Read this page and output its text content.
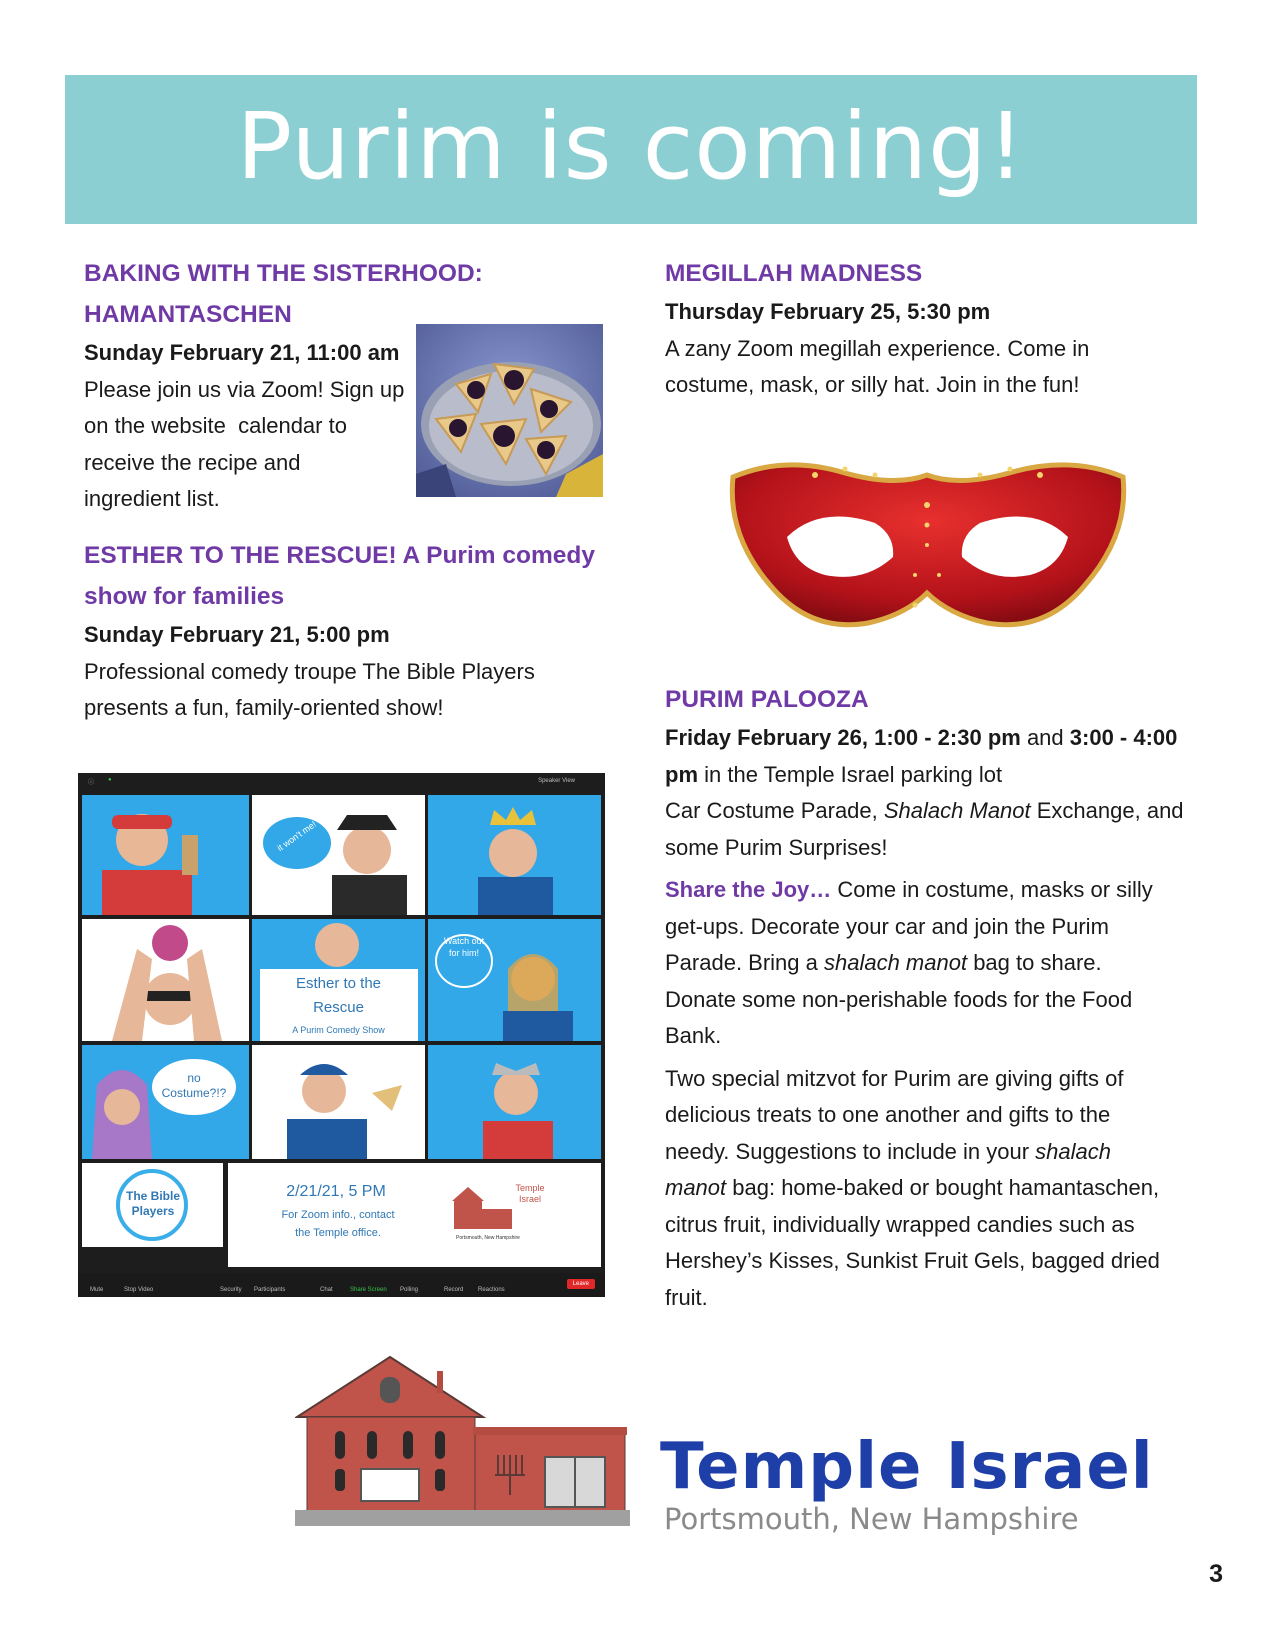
Purim is coming!
BAKING WITH THE SISTERHOOD:
HAMANTASCHEN
Sunday February 21, 11:00 am
Please join us via Zoom! Sign up
on the website  calendar to
receive the recipe and
ingredient list.
ESTHER TO THE RESCUE! A Purim comedy
show for families
Sunday February 21, 5:00 pm
Professional comedy troupe The Bible Players
presents a fun, family-oriented show!
Speaker View
ⓘ ●
it won't me!
Esther to the
Rescue
A Purim Comedy Show
Watch out for him!
no Costume?!?
The Bible Players
2/21/21, 5 PM
For Zoom info., contact
the Temple office.
Temple Israel
Portsmouth, New Hampshire
Mute	Stop Video	Security Participants	Chat	Share Screen Polling	Record Reactions
Leave
MEGILLAH MADNESS
Thursday February 25, 5:30 pm
A zany Zoom megillah experience. Come in
costume, mask, or silly hat. Join in the fun!
PURIM PALOOZA
Friday February 26, 1:00 - 2:30 pm and 3:00 - 4:00
pm in the Temple Israel parking lot
Car Costume Parade, Shalach Manot Exchange, and
some Purim Surprises!
Share the Joy… Come in costume, masks or silly
get-ups. Decorate your car and join the Purim
Parade. Bring a shalach manot bag to share.
Donate some non-perishable foods for the Food
Bank.
Two special mitzvot for Purim are giving gifts of
delicious treats to one another and gifts to the
needy. Suggestions to include in your shalach
manot bag: home-baked or bought hamantaschen,
citrus fruit, individually wrapped candies such as
Hershey’s Kisses, Sunkist Fruit Gels, bagged dried
fruit.
Temple Israel
Portsmouth, New Hampshire
3
